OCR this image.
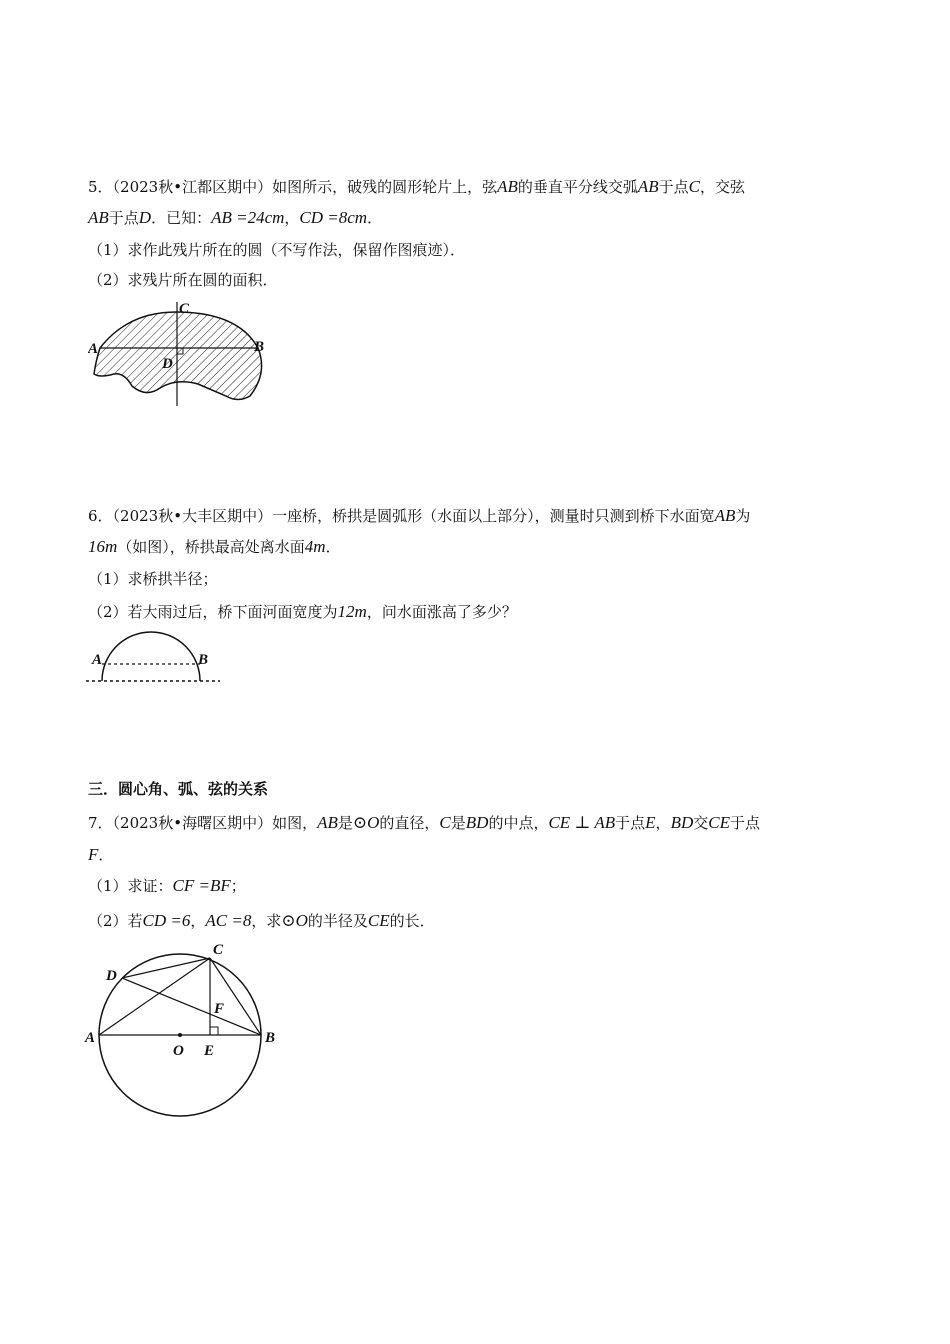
5．（2023秋•江都区期中）如图所示，破残的圆形轮片上，弦AB的垂直平分线交弧AB于点C，交弦
AB于点D．已知：AB =24cm，CD =8cm．
（1）求作此残片所在的圆（不写作法，保留作图痕迹）．
（2）求残片所在圆的面积．
A	B
C
D
6．（2023秋•大丰区期中）一座桥，桥拱是圆弧形（水面以上部分），测量时只测到桥下水面宽AB为
16m（如图），桥拱最高处离水面4m．
（1）求桥拱半径；
（2）若大雨过后，桥下面河面宽度为12m，问水面涨高了多少？
A	B
三．圆心角、弧、弦的关系
7．（2023秋•海曙区期中）如图，AB是⊙O的直径，C是BD的中点，CE ⊥ AB于点E，BD交CE于点
F．
（1）求证：CF =BF；
（2）若CD =6，AC =8，求⊙O的半径及CE的长．
A	B
C
D
E
F
O
